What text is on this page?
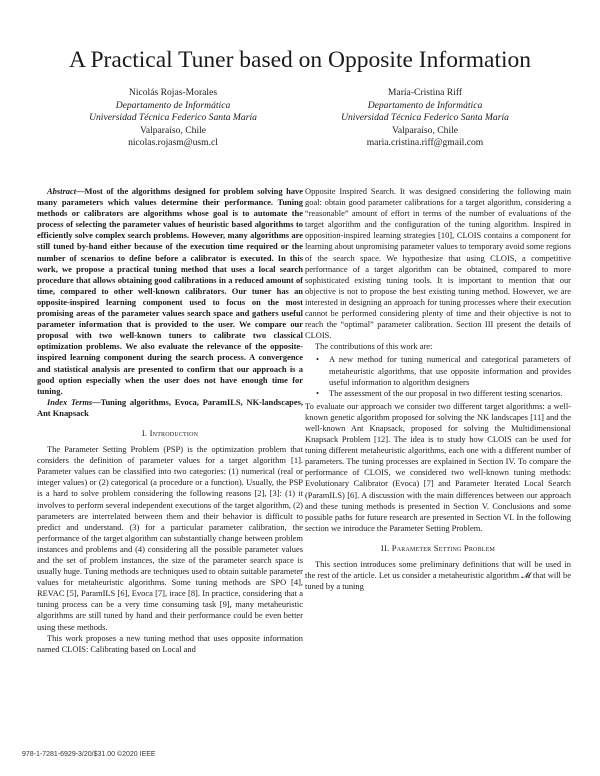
A Practical Tuner based on Opposite Information
Nicolás Rojas-Morales
Departamento de Informática
Universidad Técnica Federico Santa María
Valparaíso, Chile
nicolas.rojasm@usm.cl
María-Cristina Riff
Departamento de Informática
Universidad Técnica Federico Santa María
Valparaíso, Chile
maria.cristina.riff@gmail.com

Abstract—Most of the algorithms designed for problem solving have many parameters which values determine their performance. Tuning methods or calibrators are algorithms whose goal is to automate the process of selecting the parameter values of heuristic based algorithms to efficiently solve complex search problems. However, many algorithms are still tuned by-hand either because of the execution time required or the number of scenarios to define before a calibrator is executed. In this work, we propose a practical tuning method that uses a local search procedure that allows obtaining good calibrations in a reduced amount of time, compared to other well-known calibrators. Our tuner has an opposite-inspired learning component used to focus on the most promising areas of the parameter values search space and gathers useful parameter information that is provided to the user. We compare our proposal with two well-known tuners to calibrate two classical optimization problems. We also evaluate the relevance of the opposite-inspired learning component during the search process. A convergence and statistical analysis are presented to confirm that our approach is a good option especially when the user does not have enough time for tuning.

Index Terms—Tuning algorithms, Evoca, ParamILS, NK-landscapes, Ant Knapsack

I. Introduction

The Parameter Setting Problem (PSP) is the optimization problem that considers the definition of parameter values for a target algorithm [1]. Parameter values can be classified into two categories: (1) numerical (real or integer values) or (2) categorical (a procedure or a function). Usually, the PSP is a hard to solve problem considering the following reasons [2], [3]: (1) it involves to perform several independent executions of the target algorithm, (2) parameters are interrelated between them and their behavior is difficult to predict and understand. (3) for a particular parameter calibration, the performance of the target algorithm can substantially change between problem instances and problems and (4) considering all the possible parameter values and the set of problem instances, the size of the parameter search space is usually huge. Tuning methods are techniques used to obtain suitable parameter values for metaheuristic algorithms. Some tuning methods are SPO [4], REVAC [5], ParamILS [6], Evoca [7], irace [8]. In practice, considering that a tuning process can be a very time consuming task [9], many metaheuristic algorithms are still tuned by hand and their performance could be even better using these methods.

This work proposes a new tuning method that uses opposite information named CLOIS: Calibrating based on Local and

Opposite Inspired Search. It was designed considering the following main goal: obtain good parameter calibrations for a target algorithm, considering a “reasonable” amount of effort in terms of the number of evaluations of the target algorithm and the configuration of the tuning algorithm. Inspired in opposition-inspired learning strategies [10], CLOIS contains a component for learning about unpromising parameter values to temporary avoid some regions of the search space. We hypothesize that using CLOIS, a competitive performance of a target algorithm can be obtained, compared to more sophisticated existing tuning tools. It is important to mention that our objective is not to propose the best existing tuning method. However, we are interested in designing an approach for tuning processes where their execution cannot be performed considering plenty of time and their objective is not to reach the “optimal” parameter calibration. Section III present the details of CLOIS.

The contributions of this work are:

• A new method for tuning numerical and categorical parameters of metaheuristic algorithms, that use opposite information and provides useful information to algorithm designers
• The assessment of the our proposal in two different testing scenarios.

To evaluate our approach we consider two different target algorithms: a well-known genetic algorithm proposed for solving the NK landscapes [11] and the well-known Ant Knapsack, proposed for solving the Multidimensional Knapsack Problem [12]. The idea is to study how CLOIS can be used for tuning different metaheuristic algorithms, each one with a different number of parameters. The tuning processes are explained in Section IV. To compare the performance of CLOIS, we considered two well-known tuning methods: Evolutionary Calibrator (Evoca) [7] and Parameter Iterated Local Search (ParamILS) [6]. A discussion with the main differences between our approach and these tuning methods is presented in Section V. Conclusions and some possible paths for future research are presented in Section VI. In the following section we introduce the Parameter Setting Problem.

II. Parameter Setting Problem

This section introduces some preliminary definitions that will be used in the rest of the article. Let us consider a metaheuristic algorithm 𝓜 that will be tuned by a tuning

978-1-7281-6929-3/20/$31.00 ©2020 IEEE
